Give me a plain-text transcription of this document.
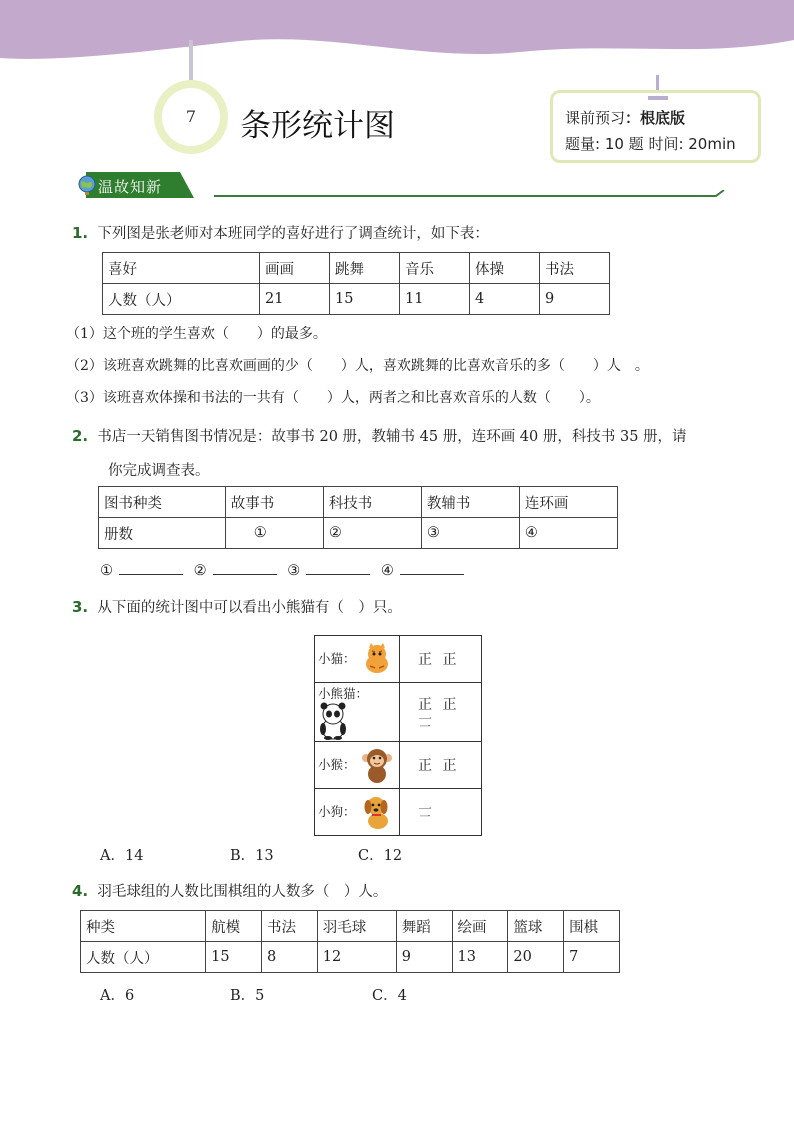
7	条形统计图	课前预习：根底版
题量: 10 题 时间: 20min
温故知新
1. 下列图是张老师对本班同学的喜好进行了调查统计，如下表：
喜好	画画	跳舞	音乐	体操	书法
人数（人）	21	15	11	4	9
（1）这个班的学生喜欢（　　）的最多。
（2）该班喜欢跳舞的比喜欢画画的少（　　）人，喜欢跳舞的比喜欢音乐的多（　　）人　。
（3）该班喜欢体操和书法的一共有（　　）人，两者之和比喜欢音乐的人数（　　）。
2. 书店一天销售图书情况是：故事书 20 册，教辅书 45 册，连环画 40 册，科技书 35 册，请
你完成调查表。
图书种类	故事书	科技书	教辅书	连环画
册数	①	②	③	④
①	②	③	④
3. 从下面的统计图中可以看出小熊猫有（　）只。
小猫：	正 正
小熊猫：	正 正 𠄟
小猴：	正 正
小狗：	𠄟
A．14	B．13	C．12
4. 羽毛球组的人数比围棋组的人数多（　）人。
种类	航模	书法	羽毛球	舞蹈	绘画	篮球	围棋
人数（人）	15	8	12	9	13	20	7
A．6	B．5	C．4
